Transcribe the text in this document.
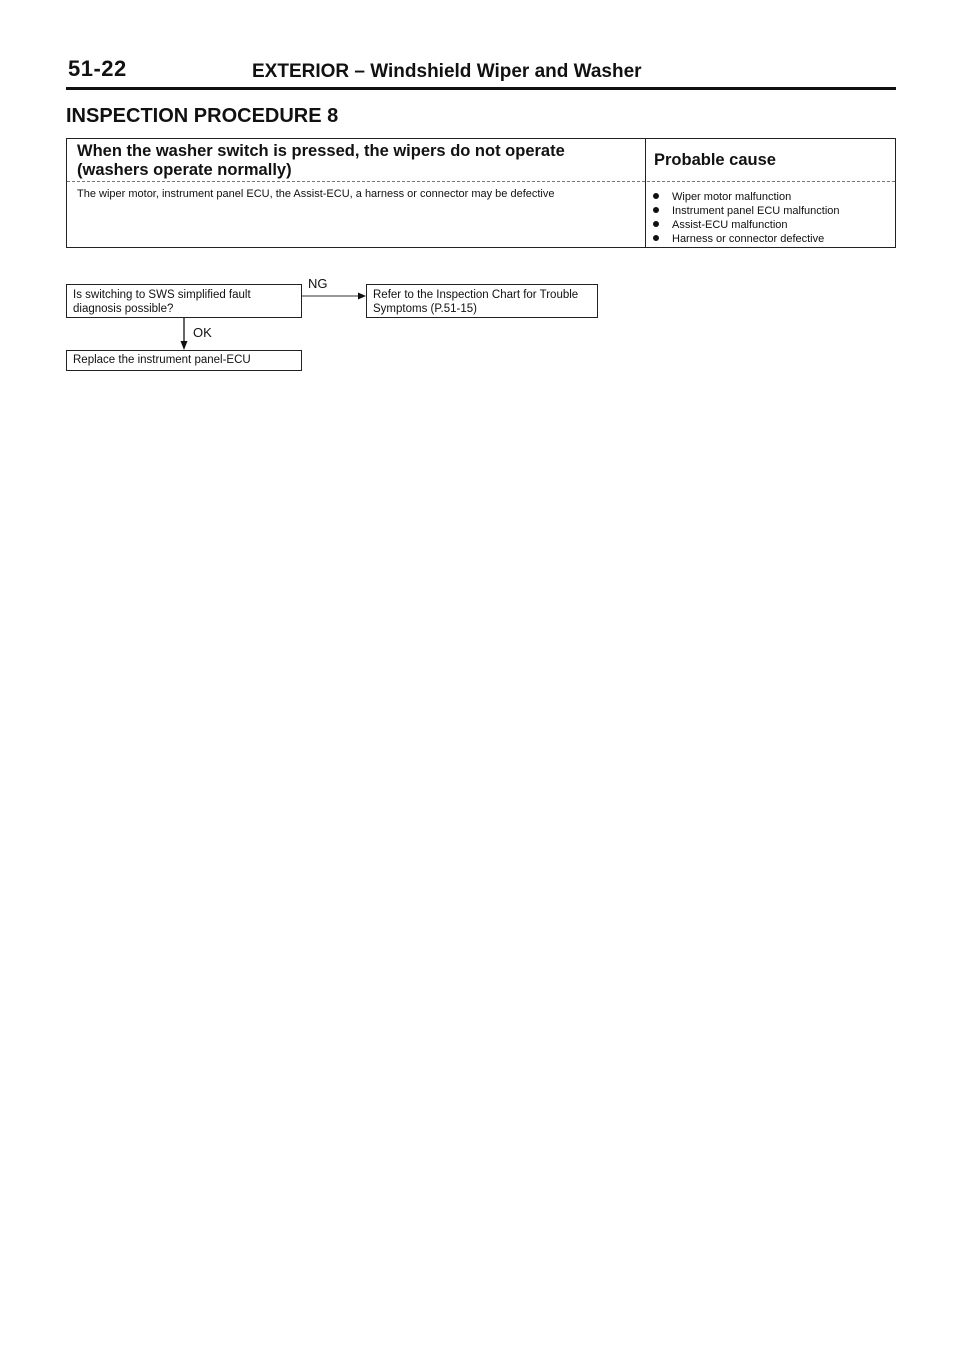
51-22	EXTERIOR – Windshield Wiper and Washer
INSPECTION PROCEDURE 8
When the washer switch is pressed, the wipers do not operate (washers operate normally)
The wiper motor, instrument panel ECU, the Assist-ECU, a harness or connector may be defective
Probable cause
Wiper motor malfunction
Instrument panel ECU malfunction
Assist-ECU malfunction
Harness or connector defective
Is switching to SWS simplified fault diagnosis possible?
NG
Refer to the Inspection Chart for Trouble Symptoms (P.51-15)
OK
Replace the instrument panel-ECU
